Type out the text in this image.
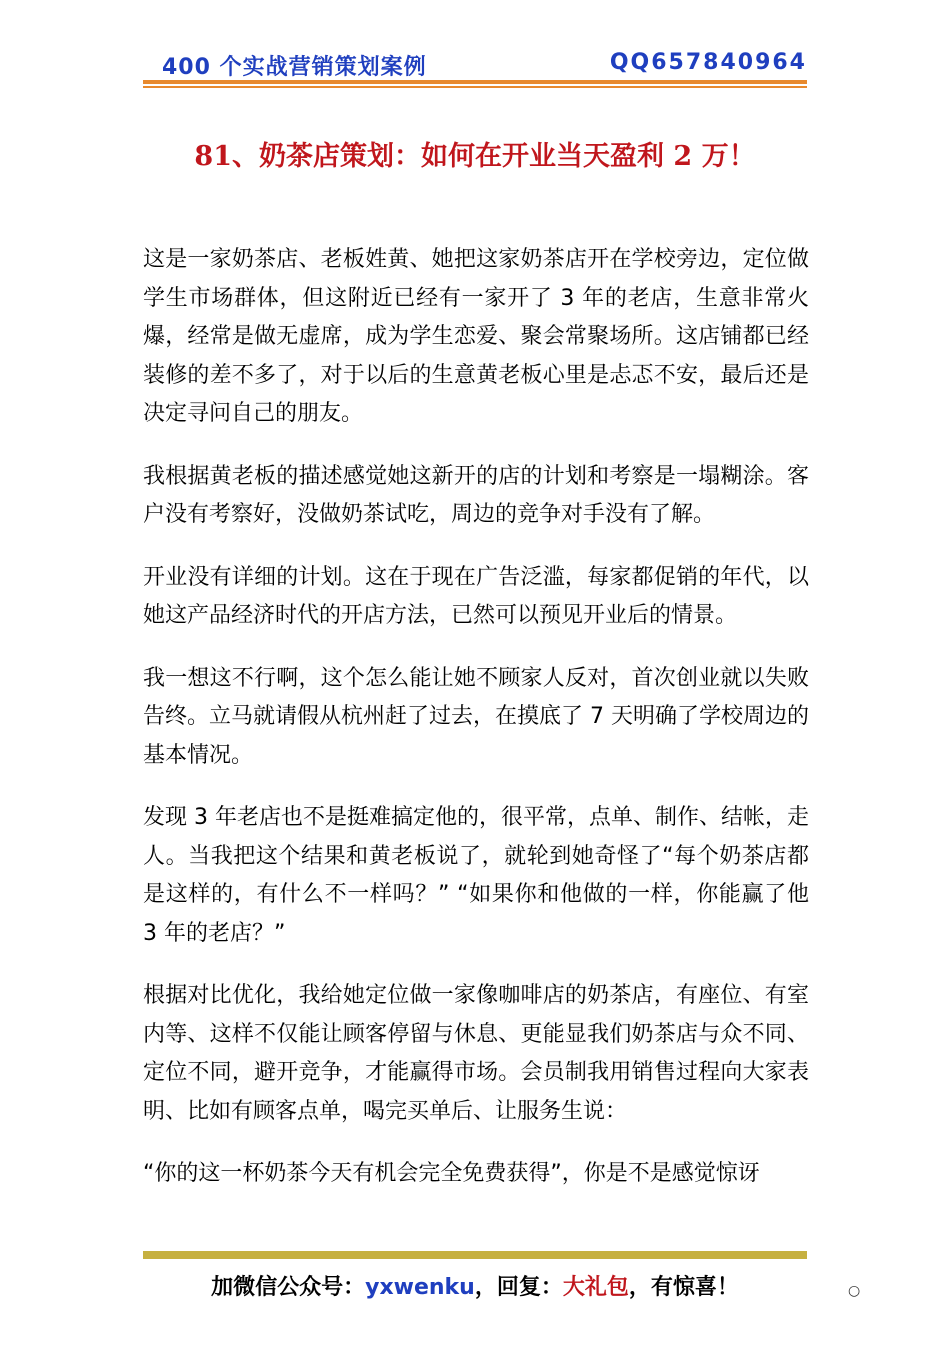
400 个实战营销策划案例	QQ657840964
81、奶茶店策划：如何在开业当天盈利 2 万！

这是一家奶茶店、老板姓黄、她把这家奶茶店开在学校旁边，定位做学生市场群体，但这附近已经有一家开了 3 年的老店，生意非常火爆，经常是做无虚席，成为学生恋爱、聚会常聚场所。这店铺都已经装修的差不多了，对于以后的生意黄老板心里是忐忑不安，最后还是决定寻问自己的朋友。

我根据黄老板的描述感觉她这新开的店的计划和考察是一塌糊涂。客户没有考察好，没做奶茶试吃，周边的竞争对手没有了解。

开业没有详细的计划。这在于现在广告泛滥，每家都促销的年代，以她这产品经济时代的开店方法，已然可以预见开业后的情景。

我一想这不行啊，这个怎么能让她不顾家人反对，首次创业就以失败告终。立马就请假从杭州赶了过去，在摸底了 7 天明确了学校周边的基本情况。

发现 3 年老店也不是挺难搞定他的，很平常，点单、制作、结帐，走人。当我把这个结果和黄老板说了，就轮到她奇怪了“每个奶茶店都是这样的，有什么不一样吗？” “如果你和他做的一样，你能赢了他 3 年的老店？”

根据对比优化，我给她定位做一家像咖啡店的奶茶店，有座位、有室内等、这样不仅能让顾客停留与休息、更能显我们奶茶店与众不同、定位不同，避开竞争，才能赢得市场。会员制我用销售过程向大家表明、比如有顾客点单，喝完买单后、让服务生说：

“你的这一杯奶茶今天有机会完全免费获得”，你是不是感觉惊讶

加微信公众号：yxwenku，回复：大礼包，有惊喜！	○
